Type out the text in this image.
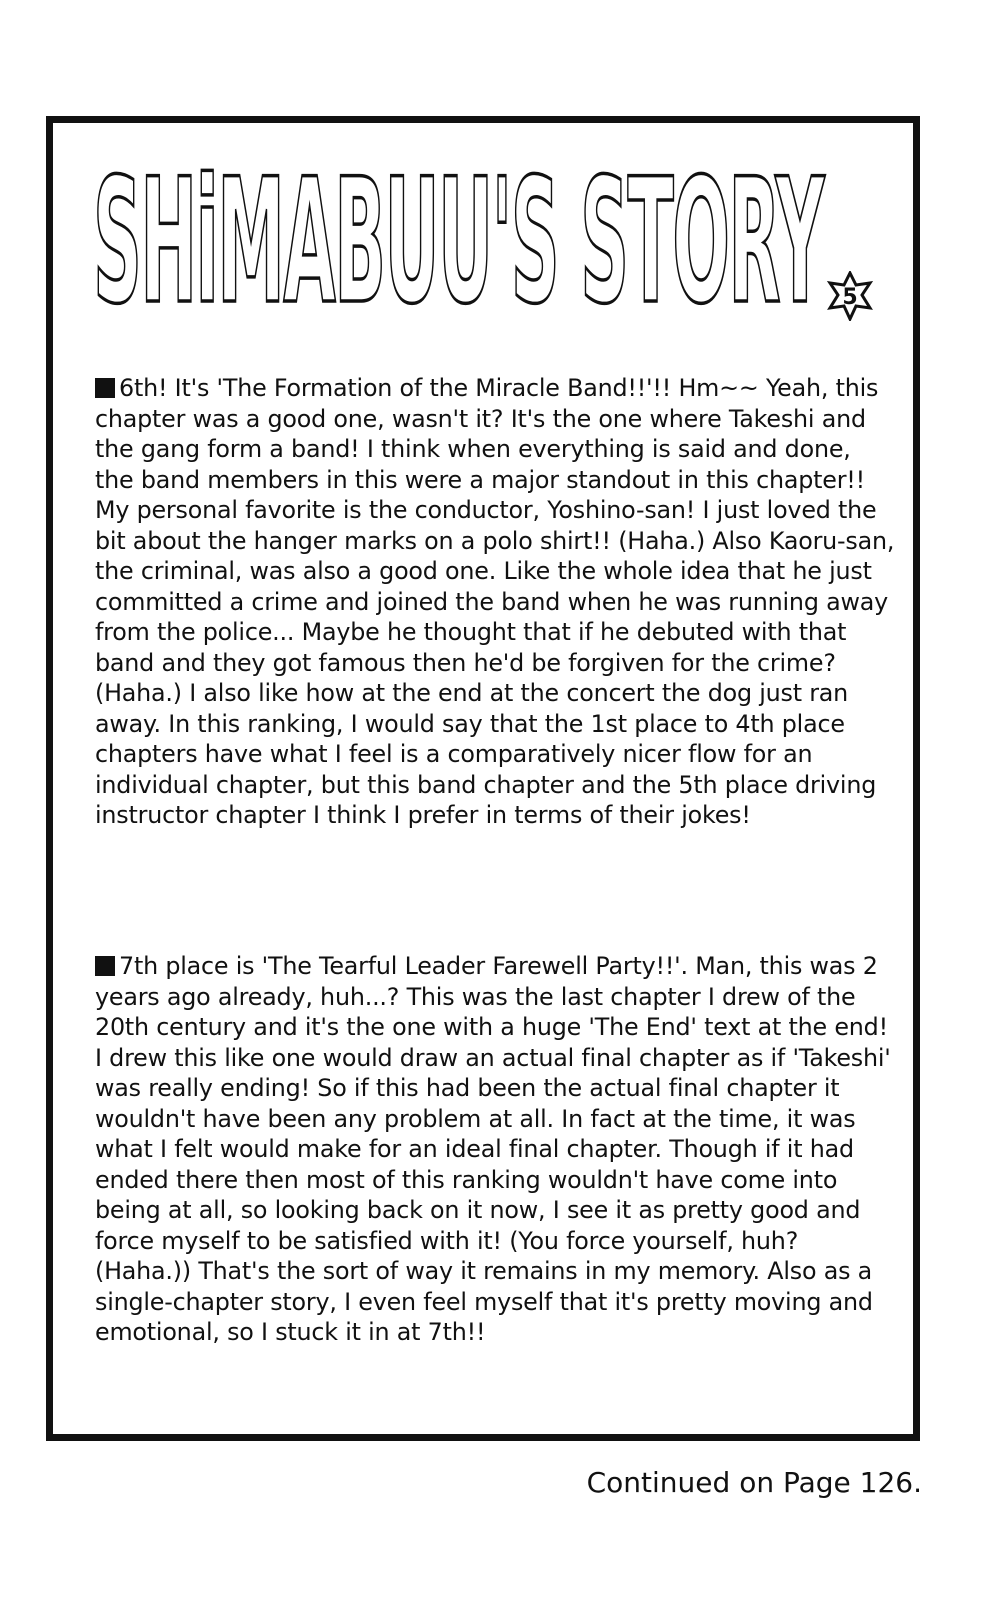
SHiMABUU'S STORY 5

6th! It's 'The Formation of the Miracle Band!!'!! Hm~~ Yeah, this chapter was a good one, wasn't it? It's the one where Takeshi and the gang form a band! I think when everything is said and done, the band members in this were a major standout in this chapter!! My personal favorite is the conductor, Yoshino-san! I just loved the bit about the hanger marks on a polo shirt!! (Haha.) Also Kaoru-san, the criminal, was also a good one. Like the whole idea that he just committed a crime and joined the band when he was running away from the police... Maybe he thought that if he debuted with that band and they got famous then he'd be forgiven for the crime? (Haha.) I also like how at the end at the concert the dog just ran away. In this ranking, I would say that the 1st place to 4th place chapters have what I feel is a comparatively nicer flow for an individual chapter, but this band chapter and the 5th place driving instructor chapter I think I prefer in terms of their jokes!

7th place is 'The Tearful Leader Farewell Party!!'. Man, this was 2 years ago already, huh...? This was the last chapter I drew of the 20th century and it's the one with a huge 'The End' text at the end! I drew this like one would draw an actual final chapter as if 'Takeshi' was really ending! So if this had been the actual final chapter it wouldn't have been any problem at all. In fact at the time, it was what I felt would make for an ideal final chapter. Though if it had ended there then most of this ranking wouldn't have come into being at all, so looking back on it now, I see it as pretty good and force myself to be satisfied with it! (You force yourself, huh? (Haha.)) That's the sort of way it remains in my memory. Also as a single-chapter story, I even feel myself that it's pretty moving and emotional, so I stuck it in at 7th!!

Continued on Page 126.
